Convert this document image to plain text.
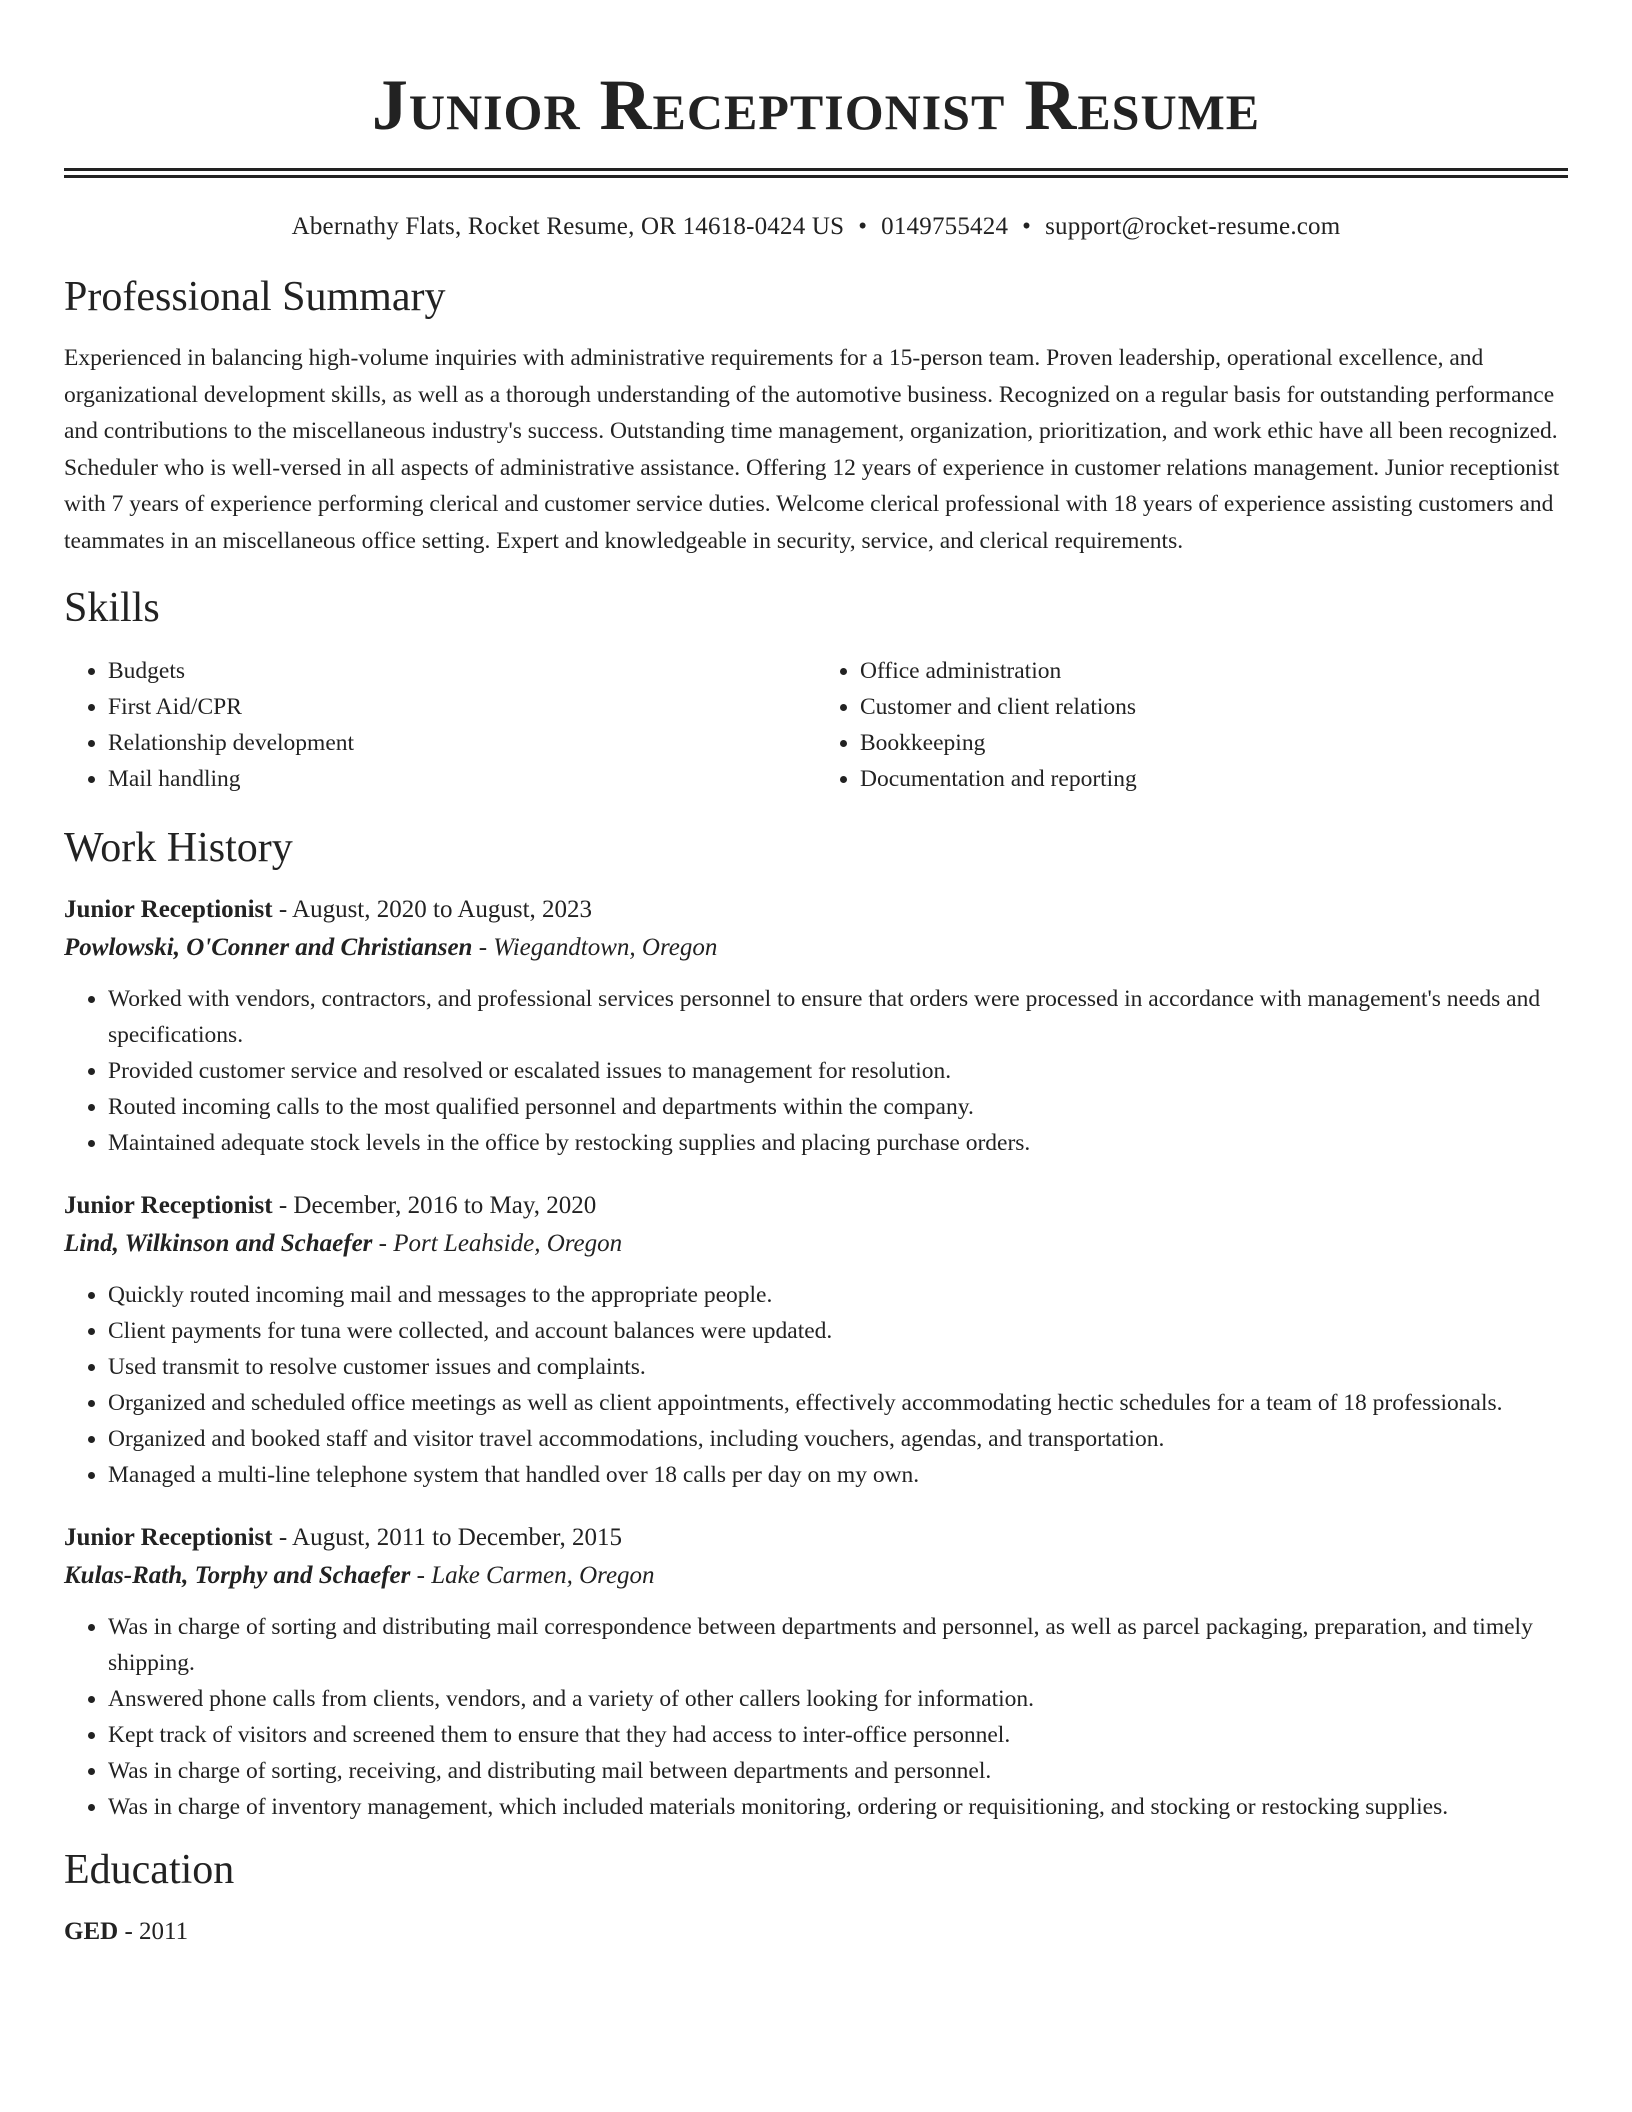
Junior Receptionist Resume
Abernathy Flats, Rocket Resume, OR 14618-0424 US • 0149755424 • support@rocket-resume.com
Professional Summary

Experienced in balancing high-volume inquiries with administrative requirements for a 15-person team. Proven leadership, operational excellence, and organizational development skills, as well as a thorough understanding of the automotive business. Recognized on a regular basis for outstanding performance and contributions to the miscellaneous industry's success. Outstanding time management, organization, prioritization, and work ethic have all been recognized. Scheduler who is well-versed in all aspects of administrative assistance. Offering 12 years of experience in customer relations management. Junior receptionist with 7 years of experience performing clerical and customer service duties. Welcome clerical professional with 18 years of experience assisting customers and teammates in an miscellaneous office setting. Expert and knowledgeable in security, service, and clerical requirements.

Skills
• Budgets
• First Aid/CPR
• Relationship development
• Mail handling
• Office administration
• Customer and client relations
• Bookkeeping
• Documentation and reporting
Work History
Junior Receptionist - August, 2020 to August, 2023
Powlowski, O'Conner and Christiansen - Wiegandtown, Oregon
• Worked with vendors, contractors, and professional services personnel to ensure that orders were processed in accordance with management's needs and specifications.
• Provided customer service and resolved or escalated issues to management for resolution.
• Routed incoming calls to the most qualified personnel and departments within the company.
• Maintained adequate stock levels in the office by restocking supplies and placing purchase orders.
Junior Receptionist - December, 2016 to May, 2020
Lind, Wilkinson and Schaefer - Port Leahside, Oregon
• Quickly routed incoming mail and messages to the appropriate people.
• Client payments for tuna were collected, and account balances were updated.
• Used transmit to resolve customer issues and complaints.
• Organized and scheduled office meetings as well as client appointments, effectively accommodating hectic schedules for a team of 18 professionals.
• Organized and booked staff and visitor travel accommodations, including vouchers, agendas, and transportation.
• Managed a multi-line telephone system that handled over 18 calls per day on my own.
Junior Receptionist - August, 2011 to December, 2015
Kulas-Rath, Torphy and Schaefer - Lake Carmen, Oregon
• Was in charge of sorting and distributing mail correspondence between departments and personnel, as well as parcel packaging, preparation, and timely shipping.
• Answered phone calls from clients, vendors, and a variety of other callers looking for information.
• Kept track of visitors and screened them to ensure that they had access to inter-office personnel.
• Was in charge of sorting, receiving, and distributing mail between departments and personnel.
• Was in charge of inventory management, which included materials monitoring, ordering or requisitioning, and stocking or restocking supplies.
Education
GED - 2011
